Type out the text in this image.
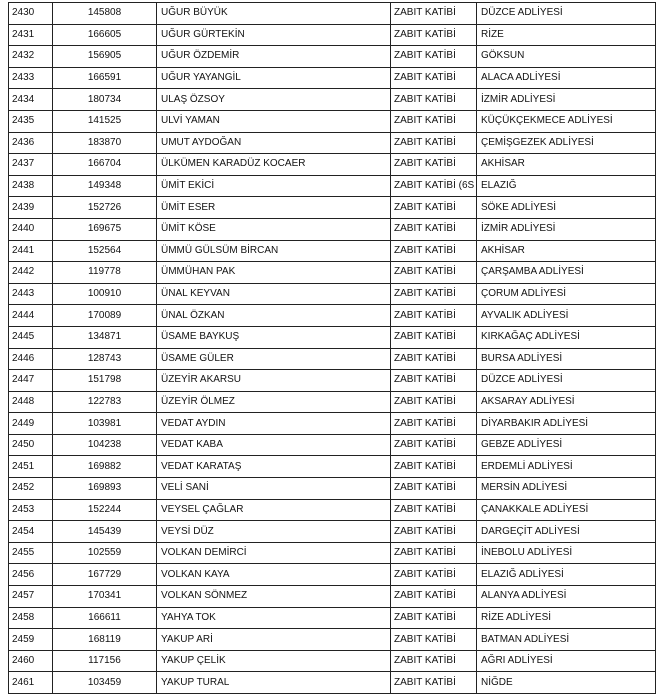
2430	145808	UĞUR BÜYÜK	ZABIT KATİBİ	DÜZCE ADLİYESİ
2431	166605	UĞUR GÜRTEKİN	ZABIT KATİBİ	RİZE
2432	156905	UĞUR ÖZDEMİR	ZABIT KATİBİ	GÖKSUN
2433	166591	UĞUR YAYANGİL	ZABIT KATİBİ	ALACA ADLİYESİ
2434	180734	ULAŞ ÖZSOY	ZABIT KATİBİ	İZMİR ADLİYESİ
2435	141525	ULVİ YAMAN	ZABIT KATİBİ	KÜÇÜKÇEKMECE ADLİYESİ
2436	183870	UMUT AYDOĞAN	ZABIT KATİBİ	ÇEMİŞGEZEK ADLİYESİ
2437	166704	ÜLKÜMEN KARADÜZ KOCAER	ZABIT KATİBİ	AKHİSAR
2438	149348	ÜMİT EKİCİ	ZABIT KATİBİ (6S	ELAZIĞ
2439	152726	ÜMİT ESER	ZABIT KATİBİ	SÖKE ADLİYESİ
2440	169675	ÜMİT KÖSE	ZABIT KATİBİ	İZMİR ADLİYESİ
2441	152564	ÜMMÜ GÜLSÜM BİRCAN	ZABIT KATİBİ	AKHİSAR
2442	119778	ÜMMÜHAN PAK	ZABIT KATİBİ	ÇARŞAMBA ADLİYESİ
2443	100910	ÜNAL KEYVAN	ZABIT KATİBİ	ÇORUM ADLİYESİ
2444	170089	ÜNAL ÖZKAN	ZABIT KATİBİ	AYVALIK ADLİYESİ
2445	134871	ÜSAME BAYKUŞ	ZABIT KATİBİ	KIRKAĞAÇ ADLİYESİ
2446	128743	ÜSAME GÜLER	ZABIT KATİBİ	BURSA ADLİYESİ
2447	151798	ÜZEYİR AKARSU	ZABIT KATİBİ	DÜZCE ADLİYESİ
2448	122783	ÜZEYİR ÖLMEZ	ZABIT KATİBİ	AKSARAY ADLİYESİ
2449	103981	VEDAT AYDIN	ZABIT KATİBİ	DİYARBAKIR ADLİYESİ
2450	104238	VEDAT KABA	ZABIT KATİBİ	GEBZE ADLİYESİ
2451	169882	VEDAT KARATAŞ	ZABIT KATİBİ	ERDEMLİ ADLİYESİ
2452	169893	VELİ SANİ	ZABIT KATİBİ	MERSİN ADLİYESİ
2453	152244	VEYSEL ÇAĞLAR	ZABIT KATİBİ	ÇANAKKALE ADLİYESİ
2454	145439	VEYSİ DÜZ	ZABIT KATİBİ	DARGEÇİT ADLİYESİ
2455	102559	VOLKAN DEMİRCİ	ZABIT KATİBİ	İNEBOLU ADLİYESİ
2456	167729	VOLKAN KAYA	ZABIT KATİBİ	ELAZIĞ ADLİYESİ
2457	170341	VOLKAN SÖNMEZ	ZABIT KATİBİ	ALANYA ADLİYESİ
2458	166611	YAHYA TOK	ZABIT KATİBİ	RİZE ADLİYESİ
2459	168119	YAKUP ARİ	ZABIT KATİBİ	BATMAN ADLİYESİ
2460	117156	YAKUP ÇELİK	ZABIT KATİBİ	AĞRI ADLİYESİ
2461	103459	YAKUP TURAL	ZABIT KATİBİ	NİĞDE
